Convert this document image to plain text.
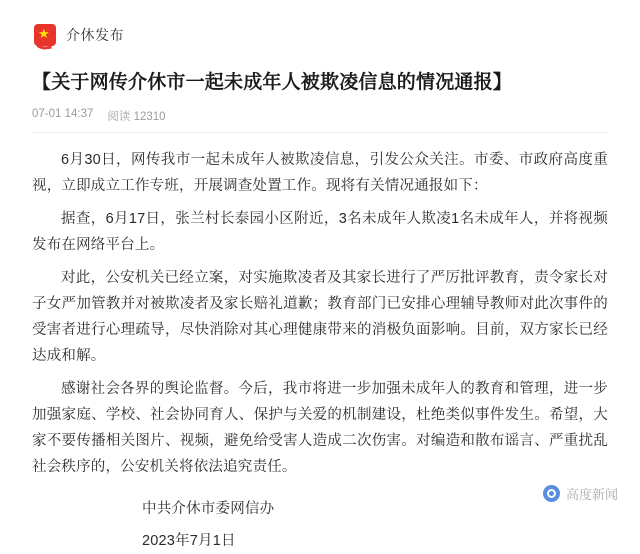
★ 介休发布
【关于网传介休市一起未成年人被欺凌信息的情况通报】
07-01 14:37 阅读 12310

6月30日，网传我市一起未成年人被欺凌信息，引发公众关注。市委、市政府高度重视，立即成立工作专班，开展调查处置工作。现将有关情况通报如下：

据查，6月17日，张兰村长泰园小区附近，3名未成年人欺凌1名未成年人，并将视频发布在网络平台上。

对此，公安机关已经立案，对实施欺凌者及其家长进行了严厉批评教育，责令家长对子女严加管教并对被欺凌者及家长赔礼道歉；教育部门已安排心理辅导教师对此次事件的受害者进行心理疏导，尽快消除对其心理健康带来的消极负面影响。目前，双方家长已经达成和解。

感谢社会各界的舆论监督。今后，我市将进一步加强未成年人的教育和管理，进一步加强家庭、学校、社会协同育人、保护与关爱的机制建设，杜绝类似事件发生。希望，大家不要传播相关图片、视频，避免给受害人造成二次伤害。对编造和散布谣言、严重扰乱社会秩序的，公安机关将依法追究责任。

中共介休市委网信办

2023年7月1日

高度新闻
